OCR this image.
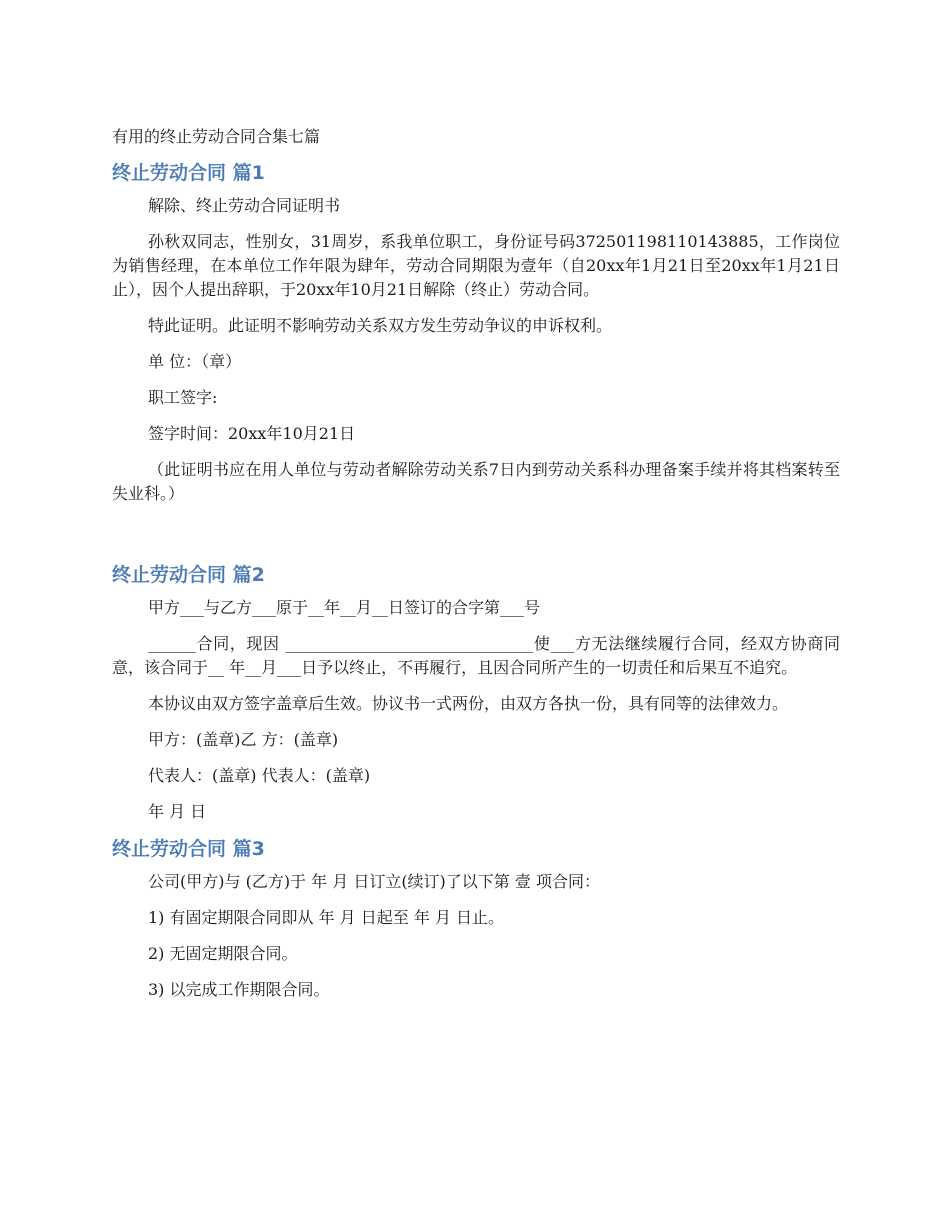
有用的终止劳动合同合集七篇
终止劳动合同 篇1

解除、终止劳动合同证明书

孙秋双同志，性别女，31周岁，系我单位职工，身份证号码372501198110143885，工作岗位为销售经理，在本单位工作年限为肆年，劳动合同期限为壹年（自20xx年1月21日至20xx年1月21日止），因个人提出辞职，于20xx年10月21日解除（终止）劳动合同。

特此证明。此证明不影响劳动关系双方发生劳动争议的申诉权利。

单 位：（章）

职工签字:

签字时间：20xx年10月21日

（此证明书应在用人单位与劳动者解除劳动关系7日内到劳动关系科办理备案手续并将其档案转至失业科。）

终止劳动合同 篇2

甲方___与乙方___原于__年__月__日签订的合字第___号

______合同，现因 _______________________________使___方无法继续履行合同，经双方协商同意，该合同于__ 年__月___日予以终止，不再履行，且因合同所产生的一切责任和后果互不追究。

本协议由双方签字盖章后生效。协议书一式两份，由双方各执一份，具有同等的法律效力。

甲方：(盖章)乙 方：(盖章)

代表人：(盖章) 代表人：(盖章)

年 月 日

终止劳动合同 篇3

公司(甲方)与 (乙方)于 年 月 日订立(续订)了以下第 壹 项合同：

1) 有固定期限合同即从 年 月 日起至 年 月 日止。

2) 无固定期限合同。

3) 以完成工作期限合同。
